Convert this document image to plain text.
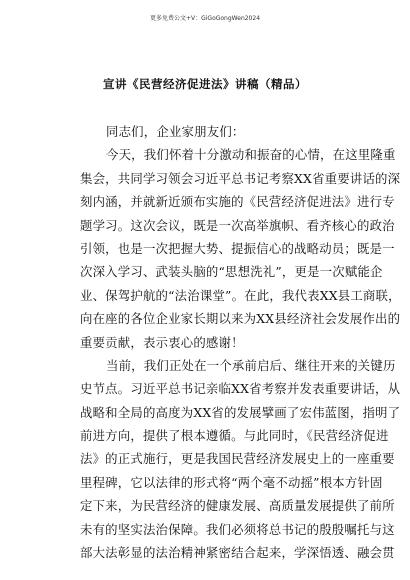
更多免费公文+V：GiGoGongWen2024
宣讲《民营经济促进法》讲稿（精品）
同志们，企业家朋友们：
今天，我们怀着十分激动和振奋的心情，在这里隆重
集会，共同学习领会习近平总书记考察XX省重要讲话的深
刻内涵，并就新近颁布实施的《民营经济促进法》进行专
题学习。这次会议，既是一次高举旗帜、看齐核心的政治
引领，也是一次把握大势、提振信心的战略动员；既是一
次深入学习、武装头脑的“思想洗礼”，更是一次赋能企
业、保驾护航的“法治课堂”。在此，我代表XX县工商联，
向在座的各位企业家长期以来为XX县经济社会发展作出的
重要贡献，表示衷心的感谢！
当前，我们正处在一个承前启后、继往开来的关键历
史节点。习近平总书记亲临XX省考察并发表重要讲话，从
战略和全局的高度为XX省的发展擘画了宏伟蓝图，指明了
前进方向，提供了根本遵循。与此同时，《民营经济促进
法》的正式施行，更是我国民营经济发展史上的一座重要
里程碑，它以法律的形式将“两个毫不动摇”根本方针固
定下来，为民营经济的健康发展、高质量发展提供了前所
未有的坚实法治保障。我们必须将总书记的殷殷嘱托与这
部大法彰显的法治精神紧密结合起来，学深悟透、融会贯
